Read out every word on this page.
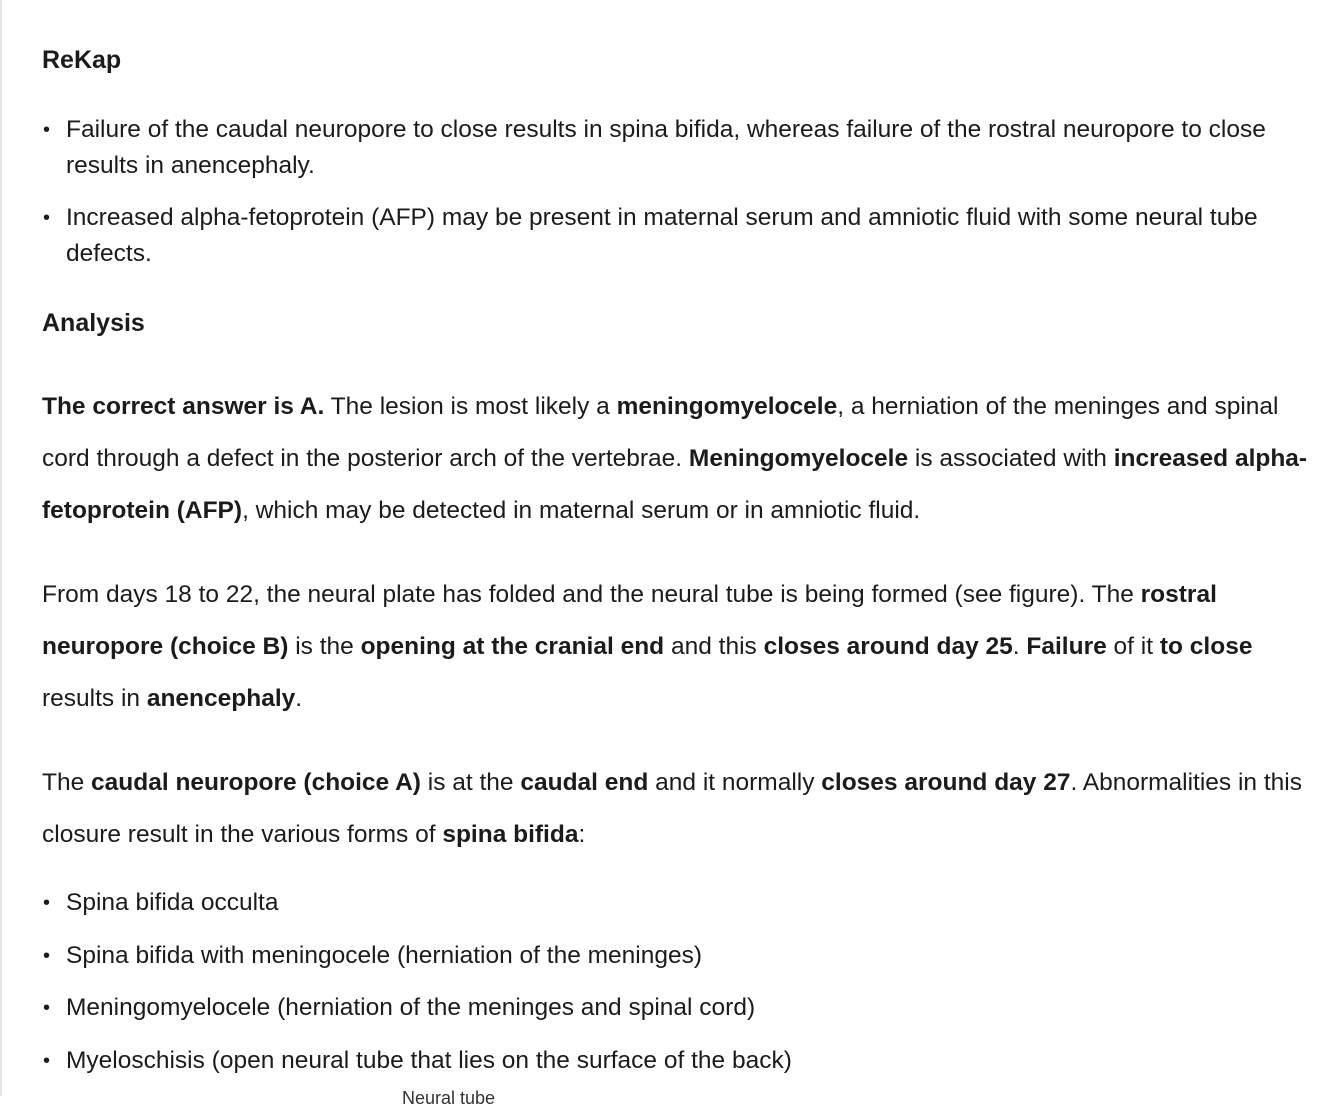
ReKap
• Failure of the caudal neuropore to close results in spina bifida, whereas failure of the rostral neuropore to close results in anencephaly.
• Increased alpha-fetoprotein (AFP) may be present in maternal serum and amniotic fluid with some neural tube defects.
Analysis

The correct answer is A. The lesion is most likely a meningomyelocele, a herniation of the meninges and spinal cord through a defect in the posterior arch of the vertebrae. Meningomyelocele is associated with increased alpha-fetoprotein (AFP), which may be detected in maternal serum or in amniotic fluid.

From days 18 to 22, the neural plate has folded and the neural tube is being formed (see figure). The rostral neuropore (choice B) is the opening at the cranial end and this closes around day 25. Failure of it to close results in anencephaly.

The caudal neuropore (choice A) is at the caudal end and it normally closes around day 27. Abnormalities in this closure result in the various forms of spina bifida:

• Spina bifida occulta
• Spina bifida with meningocele (herniation of the meninges)
• Meningomyelocele (herniation of the meninges and spinal cord)
• Myeloschisis (open neural tube that lies on the surface of the back)
Neural tube
